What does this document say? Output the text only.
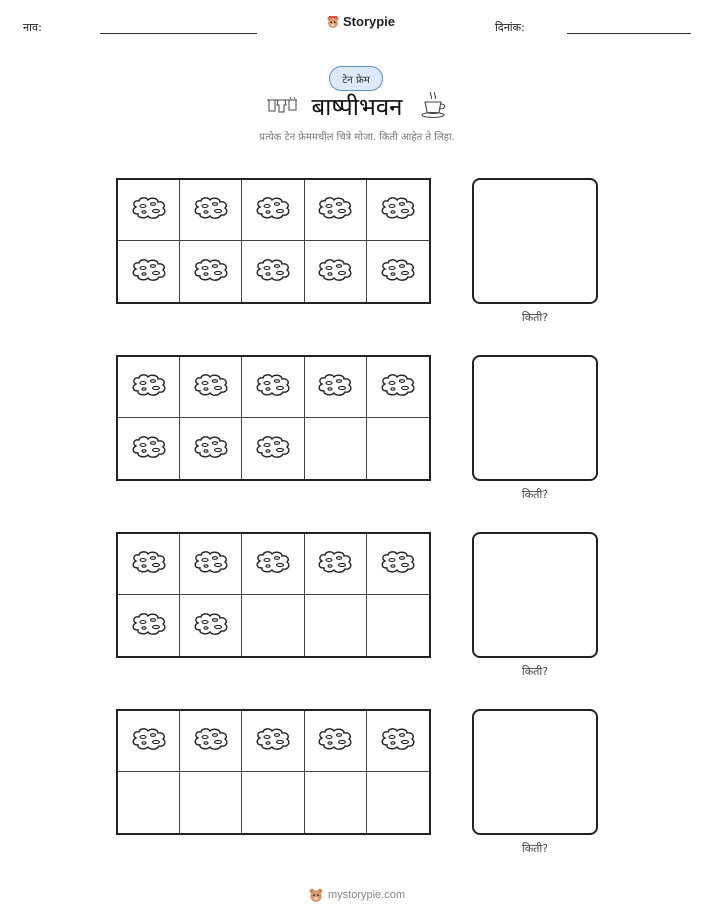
नाव:	Storypie	दिनांक:
टेन फ्रेम
बाष्पीभवन
प्रत्येक टेन फ्रेममधील चित्रे मोजा. किती आहेत ते लिहा.
किती?
किती?
किती?
किती?
mystorypie.com
